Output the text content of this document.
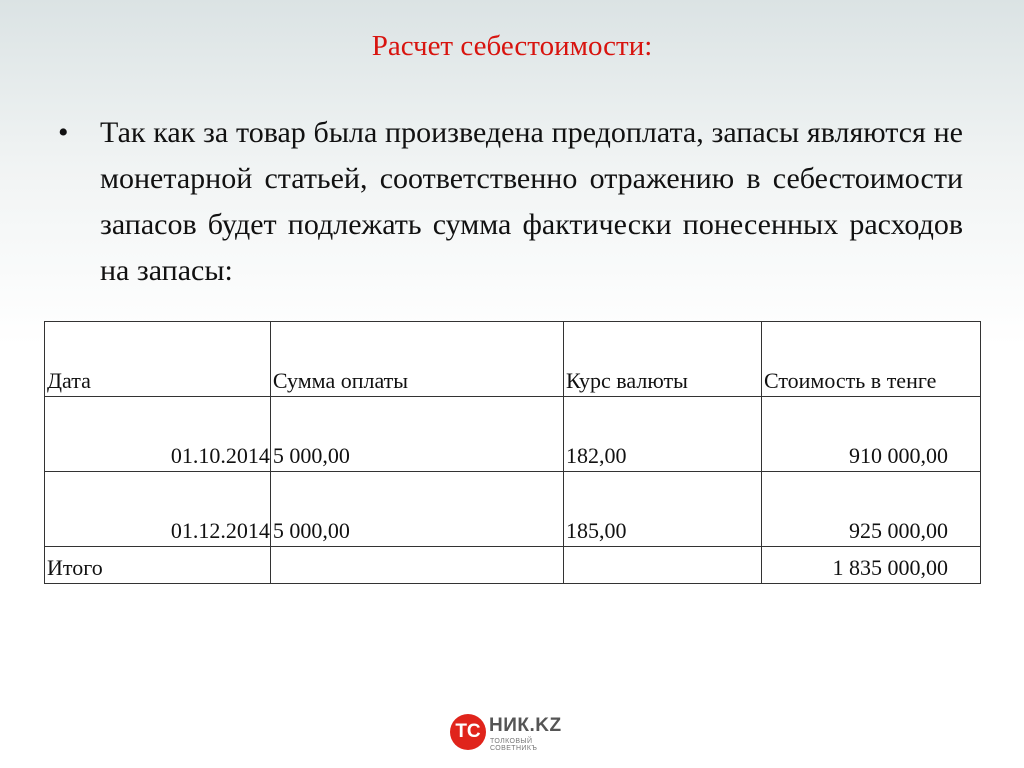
Расчет себестоимости:
• Так как за товар была произведена предоплата, запасы являются не монетарной статьей, соответственно отражению в себестоимости запасов будет подлежать сумма фактически понесенных расходов на запасы:
Дата	Сумма оплаты	Курс валюты	Стоимость в тенге
01.10.2014	5 000,00	182,00	910 000,00
01.12.2014	5 000,00	185,00	925 000,00
Итого			1 835 000,00
TC НИК.KZ
ТОЛКОВЫЙ СОВЕТНИКЪ
